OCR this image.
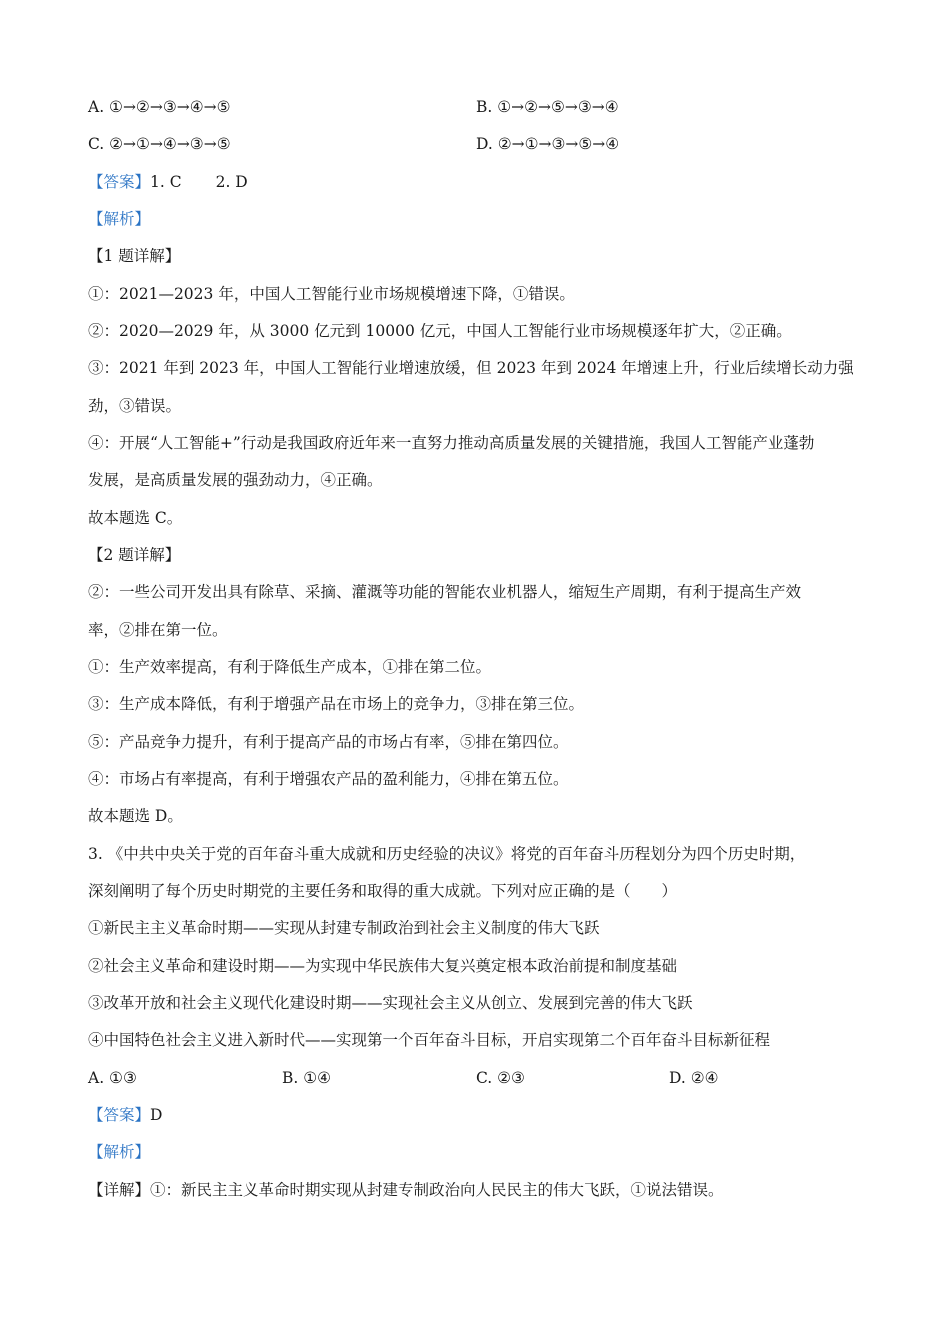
A. ①→②→③→④→⑤	B. ①→②→⑤→③→④
C. ②→①→④→③→⑤	D. ②→①→③→⑤→④
【答案】1. C 2. D
【解析】
【1 题详解】
①：2021—2023 年，中国人工智能行业市场规模增速下降，①错误。
②：2020—2029 年，从 3000 亿元到 10000 亿元，中国人工智能行业市场规模逐年扩大，②正确。
③：2021 年到 2023 年，中国人工智能行业增速放缓，但 2023 年到 2024 年增速上升，行业后续增长动力强
劲，③错误。
④：开展“人工智能+”行动是我国政府近年来一直努力推动高质量发展的关键措施，我国人工智能产业蓬勃
发展，是高质量发展的强劲动力，④正确。
故本题选 C。
【2 题详解】
②：一些公司开发出具有除草、采摘、灌溉等功能的智能农业机器人，缩短生产周期，有利于提高生产效
率，②排在第一位。
①：生产效率提高，有利于降低生产成本，①排在第二位。
③：生产成本降低，有利于增强产品在市场上的竞争力，③排在第三位。
⑤：产品竞争力提升，有利于提高产品的市场占有率，⑤排在第四位。
④：市场占有率提高，有利于增强农产品的盈利能力，④排在第五位。
故本题选 D。
3. 《中共中央关于党的百年奋斗重大成就和历史经验的决议》将党的百年奋斗历程划分为四个历史时期，
深刻阐明了每个历史时期党的主要任务和取得的重大成就。下列对应正确的是（　　）
①新民主主义革命时期——实现从封建专制政治到社会主义制度的伟大飞跃
②社会主义革命和建设时期——为实现中华民族伟大复兴奠定根本政治前提和制度基础
③改革开放和社会主义现代化建设时期——实现社会主义从创立、发展到完善的伟大飞跃
④中国特色社会主义进入新时代——实现第一个百年奋斗目标，开启实现第二个百年奋斗目标新征程
A. ①③	B. ①④	C. ②③	D. ②④
【答案】D
【解析】
【详解】①：新民主主义革命时期实现从封建专制政治向人民民主的伟大飞跃，①说法错误。
